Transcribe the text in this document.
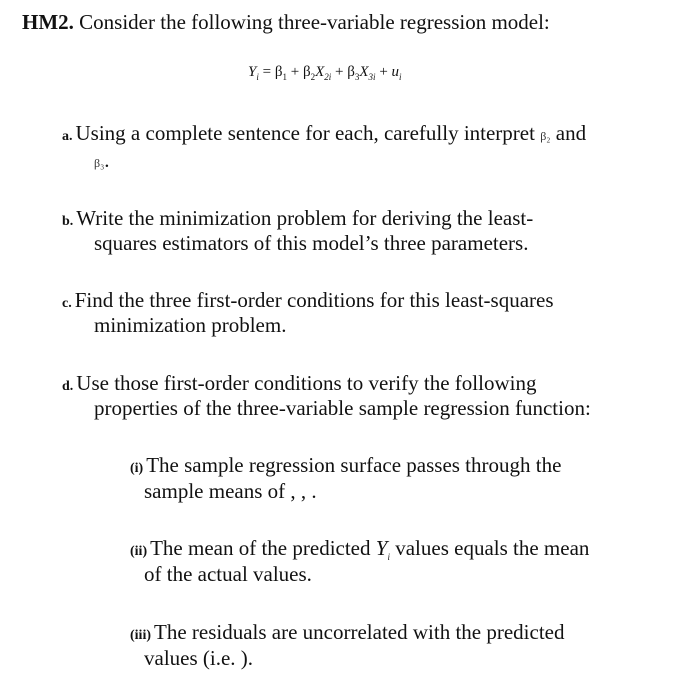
HM2. Consider the following three-variable regression model:
$Y_i = \beta_1 + \beta_2X_{2i} + \beta_3X_{3i} + u_i$
a. Using a complete sentence for each, carefully interpret β₂ and
β₃.
b. Write the minimization problem for deriving the least-
squares estimators of this model’s three parameters.
c. Find the three first-order conditions for this least-squares
minimization problem.
d. Use those first-order conditions to verify the following
properties of the three-variable sample regression function:
(i) The sample regression surface passes through the
sample means of , , .
(ii) The mean of the predicted $Y_i$ values equals the mean
of the actual values.
(iii) The residuals are uncorrelated with the predicted
values (i.e. ).
